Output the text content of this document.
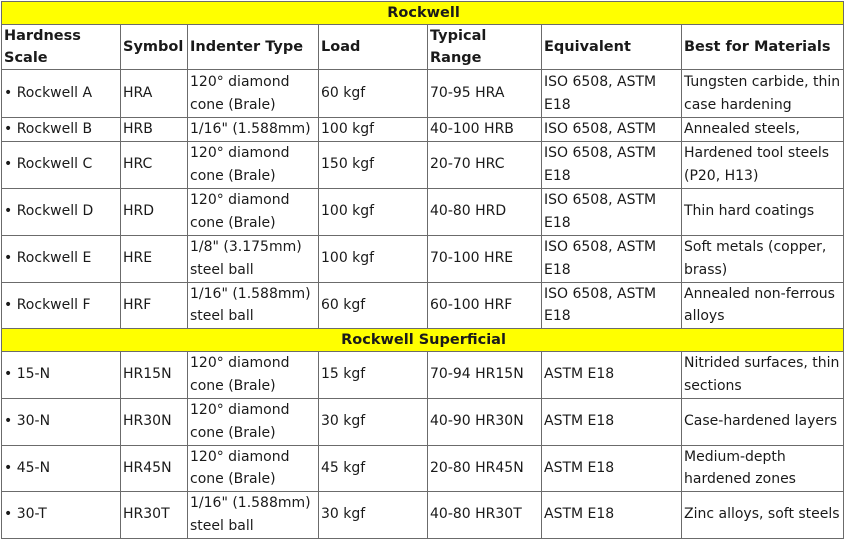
Rockwell						
Hardness Scale	Symbol	Indenter Type	Load	Typical Range	Equivalent	Best for Materials
• Rockwell A	HRA	120° diamond cone (Brale)	60 kgf	70-95 HRA	ISO 6508, ASTM E18	Tungsten carbide, thin case hardening
• Rockwell B	HRB	1/16" (1.588mm)	100 kgf	40-100 HRB	ISO 6508, ASTM	Annealed steels,
• Rockwell C	HRC	120° diamond cone (Brale)	150 kgf	20-70 HRC	ISO 6508, ASTM E18	Hardened tool steels (P20, H13)
• Rockwell D	HRD	120° diamond cone (Brale)	100 kgf	40-80 HRD	ISO 6508, ASTM E18	Thin hard coatings
• Rockwell E	HRE	1/8" (3.175mm) steel ball	100 kgf	70-100 HRE	ISO 6508, ASTM E18	Soft metals (copper, brass)
• Rockwell F	HRF	1/16" (1.588mm) steel ball	60 kgf	60-100 HRF	ISO 6508, ASTM E18	Annealed non-ferrous alloys
Rockwell Superficial						
• 15-N	HR15N	120° diamond cone (Brale)	15 kgf	70-94 HR15N	ASTM E18	Nitrided surfaces, thin sections
• 30-N	HR30N	120° diamond cone (Brale)	30 kgf	40-90 HR30N	ASTM E18	Case-hardened layers
• 45-N	HR45N	120° diamond cone (Brale)	45 kgf	20-80 HR45N	ASTM E18	Medium-depth hardened zones
• 30-T	HR30T	1/16" (1.588mm) steel ball	30 kgf	40-80 HR30T	ASTM E18	Zinc alloys, soft steels
